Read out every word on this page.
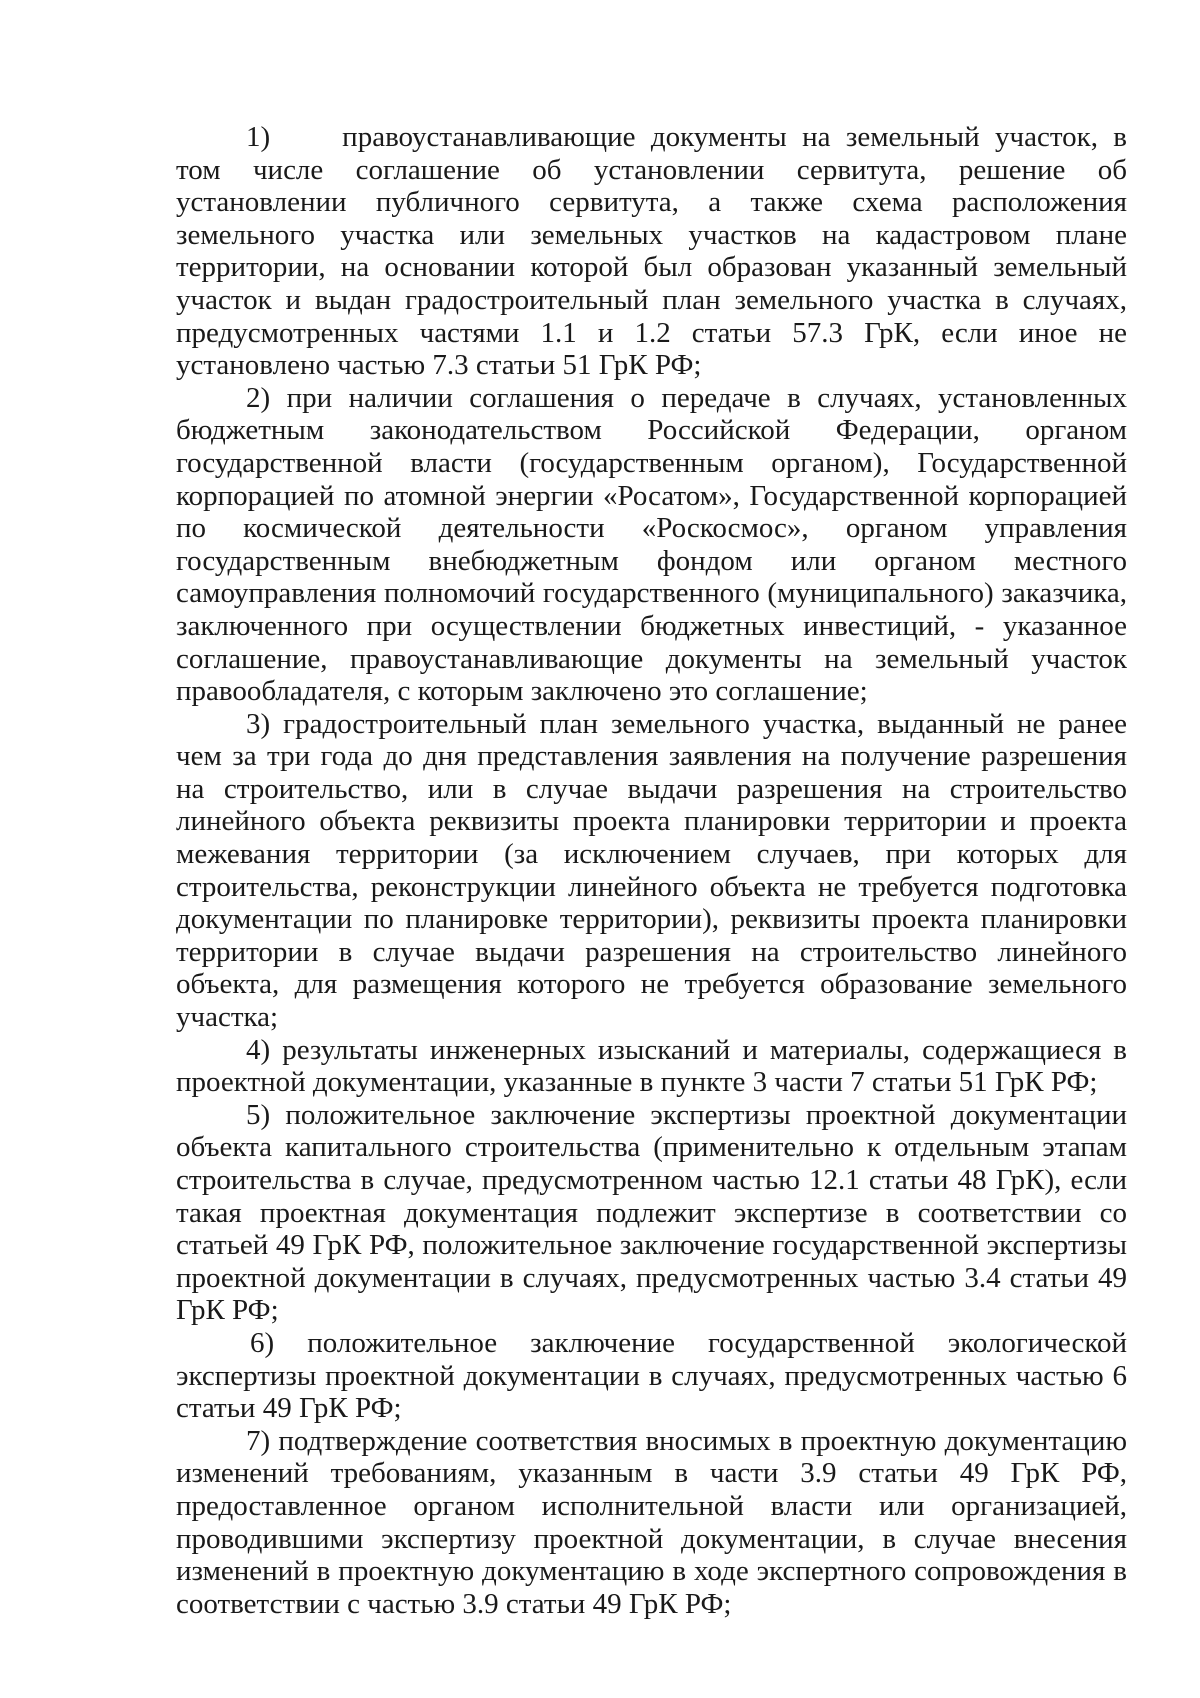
1) правоустанавливающие документы на земельный участок, в том числе соглашение об установлении сервитута, решение об установлении публичного сервитута, а также схема расположения земельного участка или земельных участков на кадастровом плане территории, на основании которой был образован указанный земельный участок и выдан градостроительный план земельного участка в случаях, предусмотренных частями 1.1 и 1.2 статьи 57.3 ГрК, если иное не установлено частью 7.3 статьи 51 ГрК РФ;

2) при наличии соглашения о передаче в случаях, установленных бюджетным законодательством Российской Федерации, органом государственной власти (государственным органом), Государственной корпорацией по атомной энергии «Росатом», Государственной корпорацией по космической деятельности «Роскосмос», органом управления государственным внебюджетным фондом или органом местного самоуправления полномочий государственного (муниципального) заказчика, заключенного при осуществлении бюджетных инвестиций, - указанное соглашение, правоустанавливающие документы на земельный участок правообладателя, с которым заключено это соглашение;

3) градостроительный план земельного участка, выданный не ранее чем за три года до дня представления заявления на получение разрешения на строительство, или в случае выдачи разрешения на строительство линейного объекта реквизиты проекта планировки территории и проекта межевания территории (за исключением случаев, при которых для строительства, реконструкции линейного объекта не требуется подготовка документации по планировке территории), реквизиты проекта планировки территории в случае выдачи разрешения на строительство линейного объекта, для размещения которого не требуется образование земельного участка;

4) результаты инженерных изысканий и материалы, содержащиеся в проектной документации, указанные в пункте 3 части 7 статьи 51 ГрК РФ;

5) положительное заключение экспертизы проектной документации объекта капитального строительства (применительно к отдельным этапам строительства в случае, предусмотренном частью 12.1 статьи 48 ГрК), если такая проектная документация подлежит экспертизе в соответствии со статьей 49 ГрК РФ, положительное заключение государственной экспертизы проектной документации в случаях, предусмотренных частью 3.4 статьи 49 ГрК РФ;

6) положительное заключение государственной экологической экспертизы проектной документации в случаях, предусмотренных частью 6 статьи 49 ГрК РФ;

7) подтверждение соответствия вносимых в проектную документацию изменений требованиям, указанным в части 3.9 статьи 49 ГрК РФ, предоставленное органом исполнительной власти или организацией, проводившими экспертизу проектной документации, в случае внесения изменений в проектную документацию в ходе экспертного сопровождения в соответствии с частью 3.9 статьи 49 ГрК РФ;
